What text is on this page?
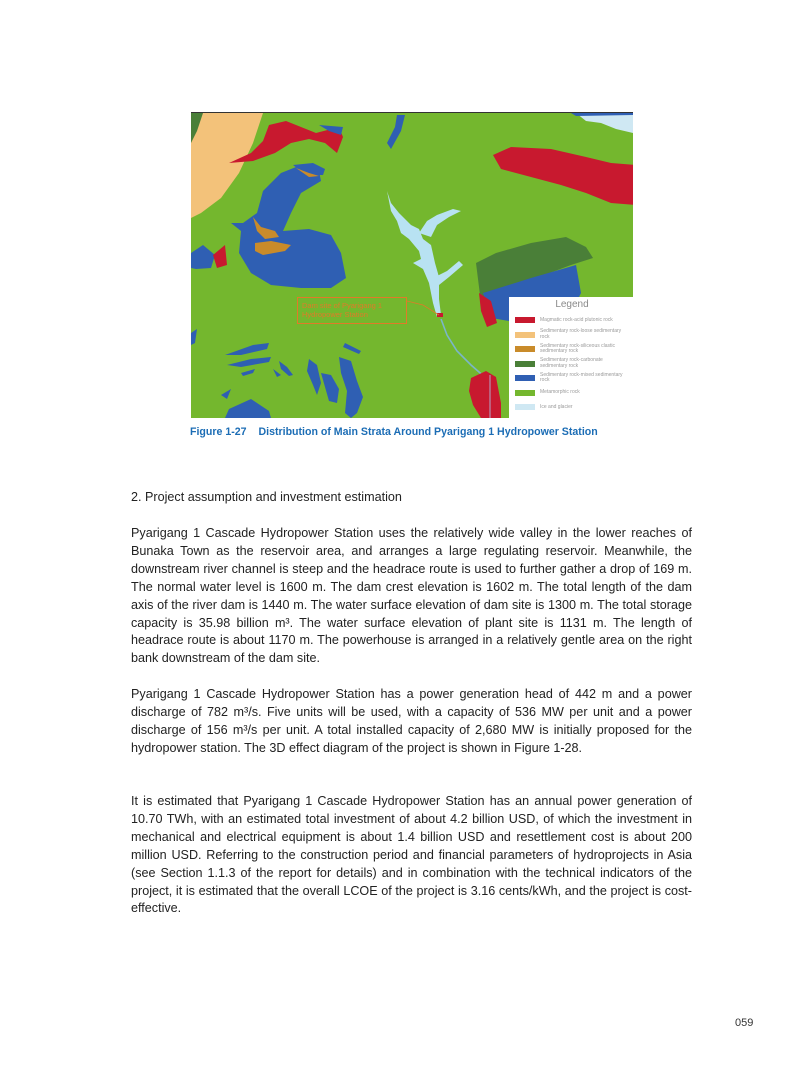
Dam site of Pyarigang 1
Hydropower Station
Legend
Magmatic rock-acid plutonic rock
Sedimentary rock-loose sedimentary rock
Sedimentary rock-siliceous clastic sedimentary rock
Sedimentary rock-carbonate sedimentary rock
Sedimentary rock-mixed sedimentary rock
Metamorphic rock
Ice and glacier
Figure 1-27 Distribution of Main Strata Around Pyarigang 1 Hydropower Station
2. Project assumption and investment estimation

Pyarigang 1 Cascade Hydropower Station uses the relatively wide valley in the lower reaches of Bunaka Town as the reservoir area, and arranges a large regulating reservoir. Meanwhile, the downstream river channel is steep and the headrace route is used to further gather a drop of 169 m. The normal water level is 1600 m. The dam crest elevation is 1602 m. The total length of the dam axis of the river dam is 1440 m. The water surface elevation of dam site is 1300 m. The total storage capacity is 35.98 billion m³. The water surface elevation of plant site is 1131 m. The length of headrace route is about 1170 m. The powerhouse is arranged in a relatively gentle area on the right bank downstream of the dam site.

Pyarigang 1 Cascade Hydropower Station has a power generation head of 442 m and a power discharge of 782 m³/s. Five units will be used, with a capacity of 536 MW per unit and a power discharge of 156 m³/s per unit. A total installed capacity of 2,680 MW is initially proposed for the hydropower station. The 3D effect diagram of the project is shown in Figure 1-28.

It is estimated that Pyarigang 1 Cascade Hydropower Station has an annual power generation of 10.70 TWh, with an estimated total investment of about 4.2 billion USD, of which the investment in mechanical and electrical equipment is about 1.4 billion USD and resettlement cost is about 200 million USD. Referring to the construction period and financial parameters of hydroprojects in Asia (see Section 1.1.3 of the report for details) and in combination with the technical indicators of the project, it is estimated that the overall LCOE of the project is 3.16 cents/kWh, and the project is cost-effective.

059
